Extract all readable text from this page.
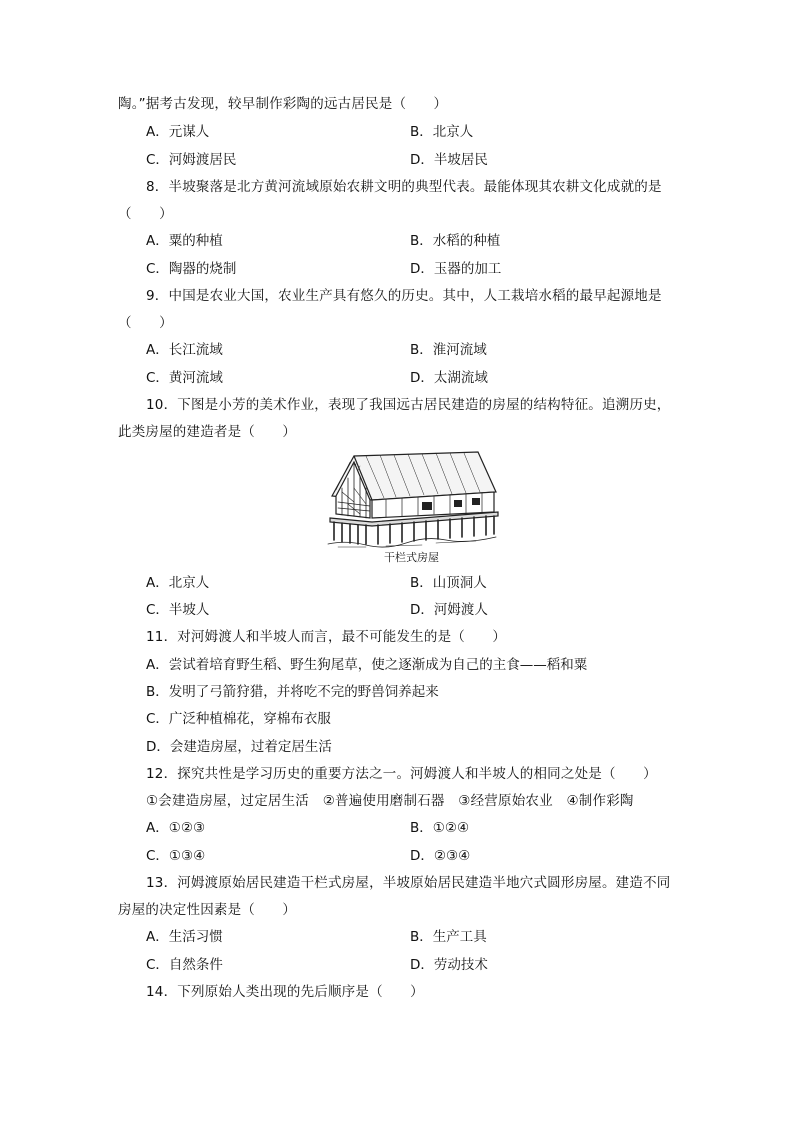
陶。”据考古发现，较早制作彩陶的远古居民是（　　）
A．元谋人	B．北京人
C．河姆渡居民	D．半坡居民
8．半坡聚落是北方黄河流域原始农耕文明的典型代表。最能体现其农耕文化成就的是
（　　）
A．粟的种植	B．水稻的种植
C．陶器的烧制	D．玉器的加工
9．中国是农业大国，农业生产具有悠久的历史。其中，人工栽培水稻的最早起源地是
（　　）
A．长江流域	B．淮河流域
C．黄河流域	D．太湖流域
10．下图是小芳的美术作业，表现了我国远古居民建造的房屋的结构特征。追溯历史，
此类房屋的建造者是（　　）
干栏式房屋
A．北京人	B．山顶洞人
C．半坡人	D．河姆渡人
11．对河姆渡人和半坡人而言，最不可能发生的是（　　）
A．尝试着培育野生稻、野生狗尾草，使之逐渐成为自己的主食——稻和粟
B．发明了弓箭狩猎，并将吃不完的野兽饲养起来
C．广泛种植棉花，穿棉布衣服
D．会建造房屋，过着定居生活
12．探究共性是学习历史的重要方法之一。河姆渡人和半坡人的相同之处是（　　）
①会建造房屋，过定居生活　②普遍使用磨制石器　③经营原始农业　④制作彩陶
A．①②③	B．①②④
C．①③④	D．②③④
13．河姆渡原始居民建造干栏式房屋，半坡原始居民建造半地穴式圆形房屋。建造不同
房屋的决定性因素是（　　）
A．生活习惯	B．生产工具
C．自然条件	D．劳动技术
14．下列原始人类出现的先后顺序是（　　）
